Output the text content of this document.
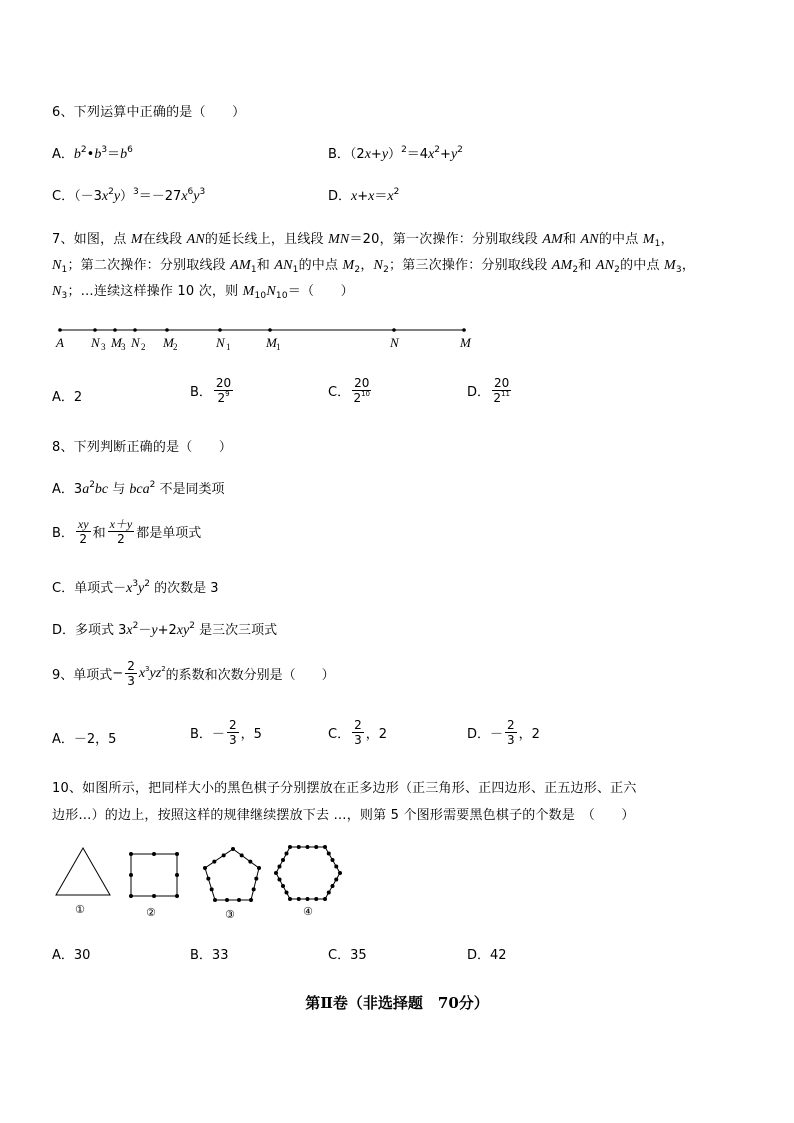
6、下列运算中正确的是（　　）
A．$b^2•b^3=b^6$	B．$(2x+y)^2=4x^2+y^2$
C．$(-3x^2y)^3=-27x^6y^3$	D．$x+x=x^2$
7、如图，点 M在线段 AN的延长线上，且线段 MN＝20，第一次操作：分别取线段 AM和 AN的中点 $M_1$，
$N_1$；第二次操作：分别取线段 $AM_1$和 $AN_1$的中点 $M_2$，$N_2$；第三次操作：分别取线段 $AM_2$和 $AN_2$的中点 $M_3$，
$N_3$；…连续这样操作 10 次，则 $M_{10}N_{10}=$（　　）
A N 3 M 3 N 2 M 2	N 1	M 1	N	M
A．2	B． $\frac{20}{2^9}$	C． $\frac{20}{2^{10}}$	D． $\frac{20}{2^{11}}$
8、下列判断正确的是（　　）
A．$3a^2bc$ 与 bca$^2$ 不是同类项
B． $\frac{xy}{2}$ 和 $\frac{x+y}{2}$ 都是单项式
C．单项式$-x^3y^2$ 的次数是 3
D．多项式 $3x^2-y+2xy^2$ 是三次三项式
9、单项式− $\frac{2}{3} x^3yz^2$的系数和次数分别是（　　）
A．－2，5	B．－ $\frac{2}{3}$ ，5	C． $\frac{2}{3}$ ，2	D．－ $\frac{2}{3}$ ，2
10、如图所示，把同样大小的黑色棋子分别摆放在正多边形（正三角形、正四边形、正五边形、正六
边形…）的边上，按照这样的规律继续摆放下去 …，则第 5 个图形需要黑色棋子的个数是　（　　）
①	②	③	④
A．30	B．33	C．35	D．42
第Ⅱ卷（非选择题　70分）
